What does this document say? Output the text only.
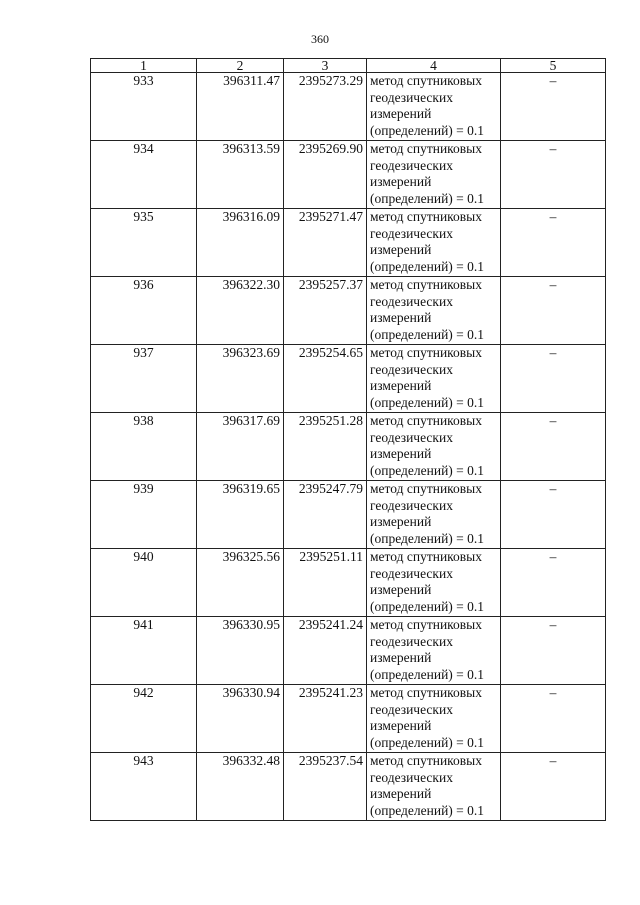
360
1	2	3	4	5
933	396311.47	2395273.29	метод спутниковых
геодезических
измерений
(определений) = 0.1	–
934	396313.59	2395269.90	метод спутниковых
геодезических
измерений
(определений) = 0.1	–
935	396316.09	2395271.47	метод спутниковых
геодезических
измерений
(определений) = 0.1	–
936	396322.30	2395257.37	метод спутниковых
геодезических
измерений
(определений) = 0.1	–
937	396323.69	2395254.65	метод спутниковых
геодезических
измерений
(определений) = 0.1	–
938	396317.69	2395251.28	метод спутниковых
геодезических
измерений
(определений) = 0.1	–
939	396319.65	2395247.79	метод спутниковых
геодезических
измерений
(определений) = 0.1	–
940	396325.56	2395251.11	метод спутниковых
геодезических
измерений
(определений) = 0.1	–
941	396330.95	2395241.24	метод спутниковых
геодезических
измерений
(определений) = 0.1	–
942	396330.94	2395241.23	метод спутниковых
геодезических
измерений
(определений) = 0.1	–
943	396332.48	2395237.54	метод спутниковых
геодезических
измерений
(определений) = 0.1	–
